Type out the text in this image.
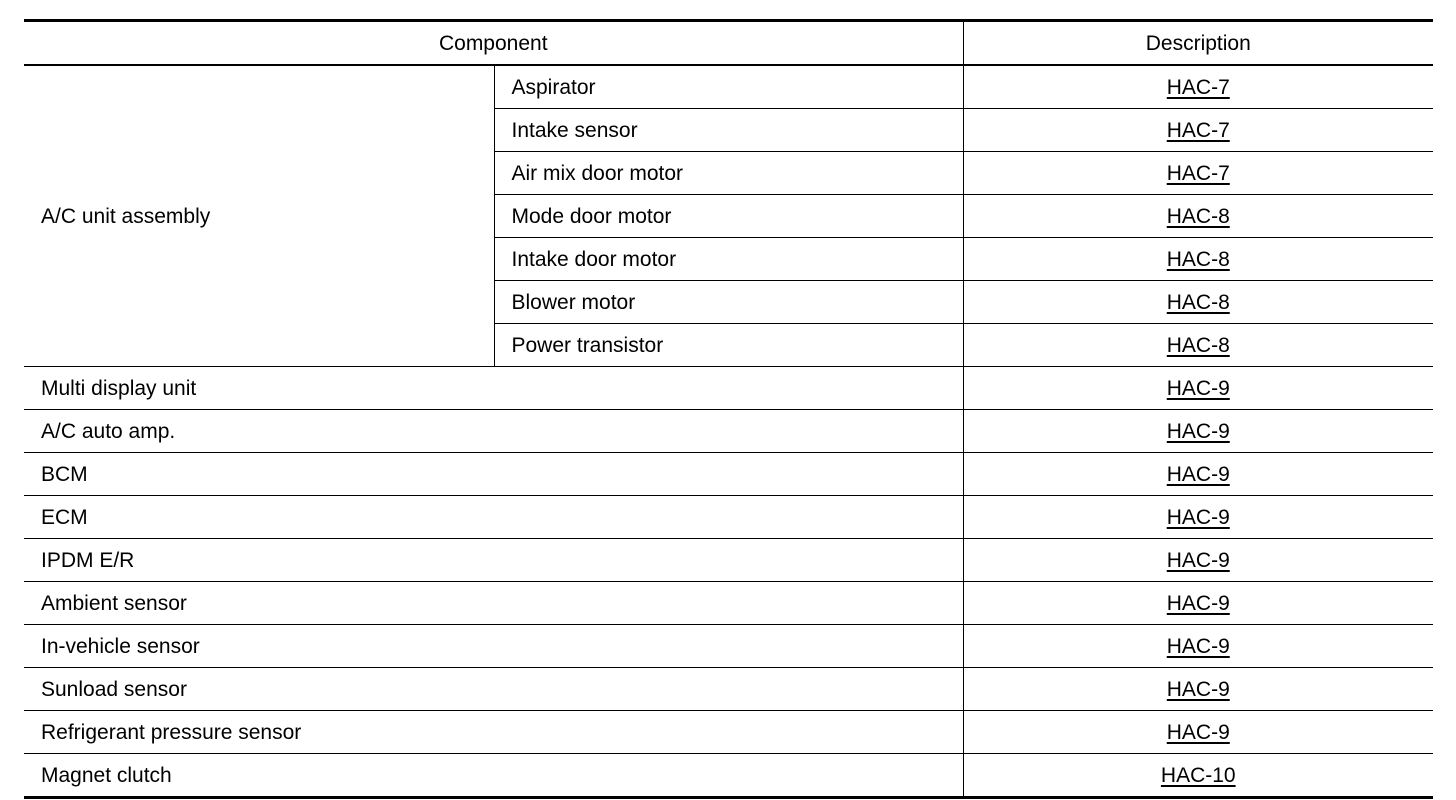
Component		Description
A/C unit assembly	Aspirator	HAC-7
	Intake sensor	HAC-7
	Air mix door motor	HAC-7
	Mode door motor	HAC-8
	Intake door motor	HAC-8
	Blower motor	HAC-8
	Power transistor	HAC-8
Multi display unit		HAC-9
A/C auto amp.		HAC-9
BCM		HAC-9
ECM		HAC-9
IPDM E/R		HAC-9
Ambient sensor		HAC-9
In-vehicle sensor		HAC-9
Sunload sensor		HAC-9
Refrigerant pressure sensor		HAC-9
Magnet clutch		HAC-10
